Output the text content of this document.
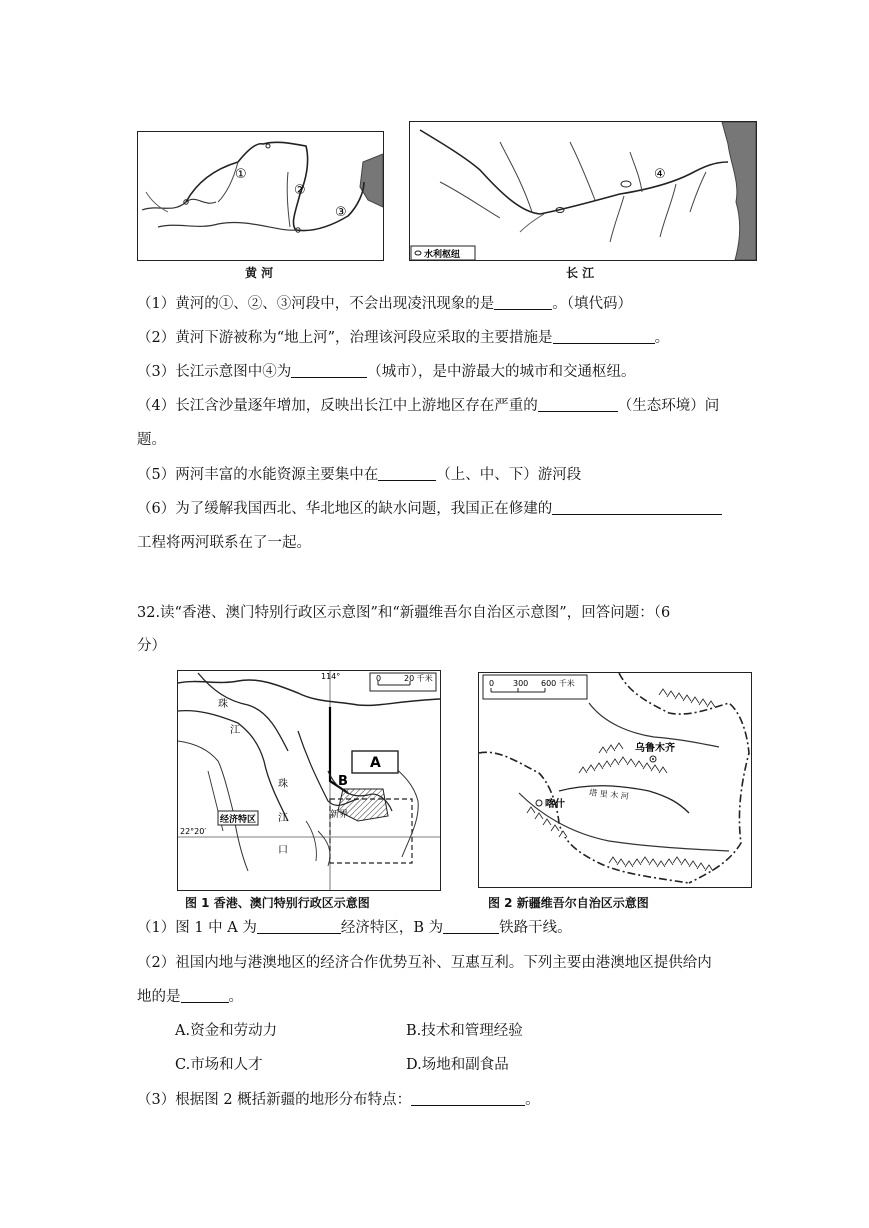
①
②
③
黄 河
④
水利枢纽
长 江
（1）黄河的①、②、③河段中，不会出现凌汛现象的是	。（填代码）
（2）黄河下游被称为“地上河”，治理该河段应采取的主要措施是	。
（3）长江示意图中④为	（城市），是中游最大的城市和交通枢纽。
（4）长江含沙量逐年增加，反映出长江中上游地区存在严重的	（生态环境）问
题。
（5）两河丰富的水能资源主要集中在	（上、中、下）游河段
（6）为了缓解我国西北、华北地区的缺水问题，我国正在修建的
工程将两河联系在了一起。
32.读“香港、澳门特别行政区示意图”和“新疆维吾尔自治区示意图”，回答问题：（6
分）
114°
22°20′
0	20 千米
A
B
珠
江
珠
江
口
新界
经济特区
图 1 香港、澳门特别行政区示意图
0 300 600 千米
乌鲁木齐
喀什
塔 里 木 河
图 2 新疆维吾尔自治区示意图
（1）图 1 中 A 为	经济特区，B 为	铁路干线。
（2）祖国内地与港澳地区的经济合作优势互补、互惠互利。下列主要由港澳地区提供给内
地的是	。
A.资金和劳动力	B.技术和管理经验
C.市场和人才	D.场地和副食品
（3）根据图 2 概括新疆的地形分布特点：	。
